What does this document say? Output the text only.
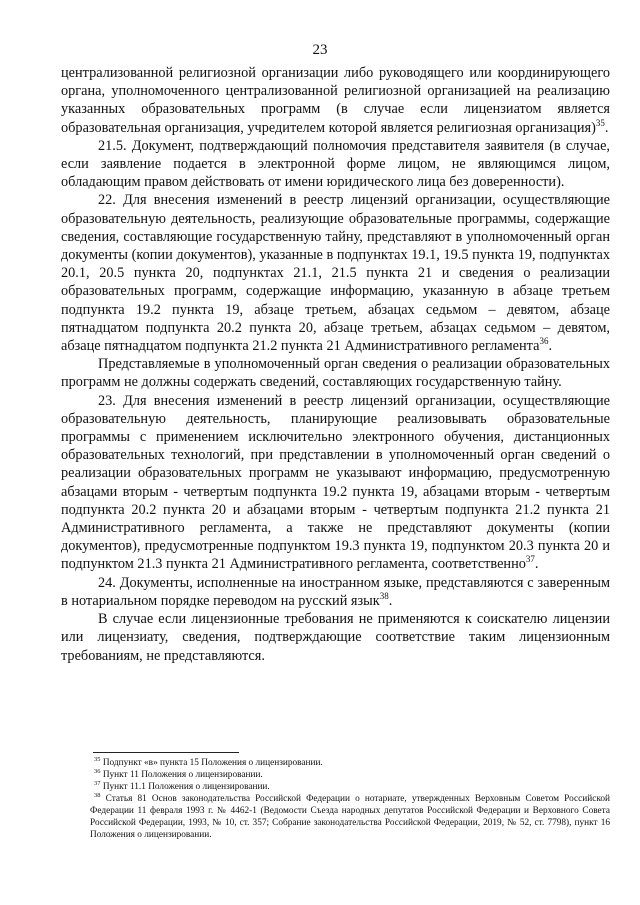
23

централизованной религиозной организации либо руководящего или координирующего органа, уполномоченного централизованной религиозной организацией на реализацию указанных образовательных программ (в случае если лицензиатом является образовательная организация, учредителем которой является религиозная организация)$^{35}$.

21.5. Документ, подтверждающий полномочия представителя заявителя (в случае, если заявление подается в электронной форме лицом, не являющимся лицом, обладающим правом действовать от имени юридического лица без доверенности).

22. Для внесения изменений в реестр лицензий организации, осуществляющие образовательную деятельность, реализующие образовательные программы, содержащие сведения, составляющие государственную тайну, представляют в уполномоченный орган документы (копии документов), указанные в подпунктах 19.1, 19.5 пункта 19, подпунктах 20.1, 20.5 пункта 20, подпунктах 21.1, 21.5 пункта 21 и сведения о реализации образовательных программ, содержащие информацию, указанную в абзаце третьем подпункта 19.2 пункта 19, абзаце третьем, абзацах седьмом – девятом, абзаце пятнадцатом подпункта 20.2 пункта 20, абзаце третьем, абзацах седьмом – девятом, абзаце пятнадцатом подпункта 21.2 пункта 21 Административного регламента$^{36}$.

Представляемые в уполномоченный орган сведения о реализации образовательных программ не должны содержать сведений, составляющих государственную тайну.

23. Для внесения изменений в реестр лицензий организации, осуществляющие образовательную деятельность, планирующие реализовывать образовательные программы с применением исключительно электронного обучения, дистанционных образовательных технологий, при представлении в уполномоченный орган сведений о реализации образовательных программ не указывают информацию, предусмотренную абзацами вторым - четвертым подпункта 19.2 пункта 19, абзацами вторым - четвертым подпункта 20.2 пункта 20 и абзацами вторым - четвертым подпункта 21.2 пункта 21 Административного регламента, а также не представляют документы (копии документов), предусмотренные подпунктом 19.3 пункта 19, подпунктом 20.3 пункта 20 и подпунктом 21.3 пункта 21 Административного регламента, соответственно$^{37}$.

24. Документы, исполненные на иностранном языке, представляются с заверенным в нотариальном порядке переводом на русский язык$^{38}$.

В случае если лицензионные требования не применяются к соискателю лицензии или лицензиату, сведения, подтверждающие соответствие таким лицензионным требованиям, не представляются.

$^{35}$ Подпункт «в» пункта 15 Положения о лицензировании.
$^{36}$ Пункт 11 Положения о лицензировании.
$^{37}$ Пункт 11.1 Положения о лицензировании.
$^{38}$ Статья 81 Основ законодательства Российской Федерации о нотариате, утвержденных Верховным Советом Российской Федерации 11 февраля 1993 г. № 4462-1 (Ведомости Съезда народных депутатов Российской Федерации и Верховного Совета Российской Федерации, 1993, № 10, ст. 357; Собрание законодательства Российской Федерации, 2019, № 52, ст. 7798), пункт 16 Положения о лицензировании.
